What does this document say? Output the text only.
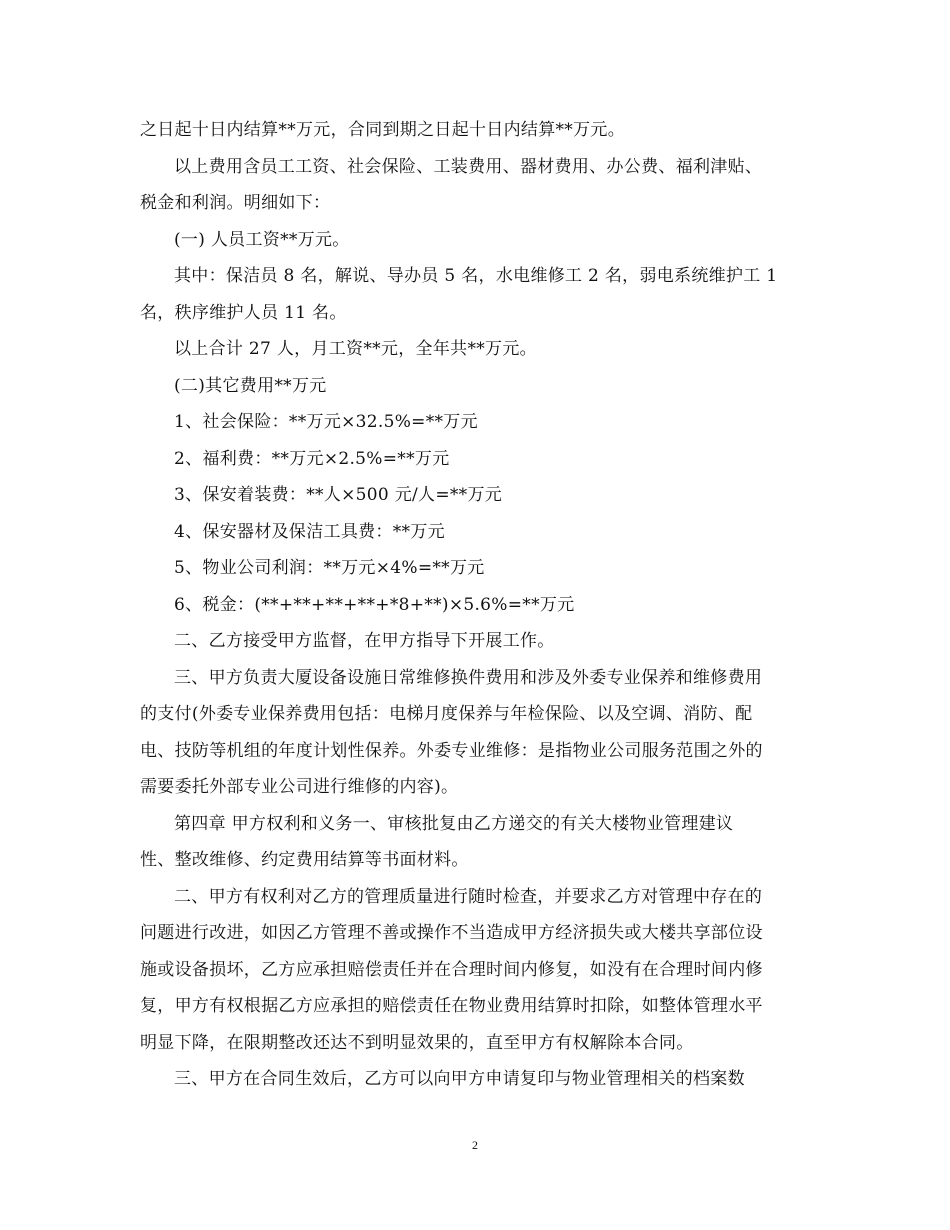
之日起十日内结算**万元，合同到期之日起十日内结算**万元。
以上费用含员工工资、社会保险、工装费用、器材费用、办公费、福利津贴、
税金和利润。明细如下：
(一) 人员工资**万元。
其中：保洁员 8 名，解说、导办员 5 名，水电维修工 2 名，弱电系统维护工 1
名，秩序维护人员 11 名。
以上合计 27 人，月工资**元，全年共**万元。
(二)其它费用**万元
1、社会保险：**万元×32.5%=**万元
2、福利费：**万元×2.5%=**万元
3、保安着装费：**人×500 元/人=**万元
4、保安器材及保洁工具费：**万元
5、物业公司利润：**万元×4%=**万元
6、税金：(**+**+**+**+*8+**)×5.6%=**万元
二、乙方接受甲方监督，在甲方指导下开展工作。
三、甲方负责大厦设备设施日常维修换件费用和涉及外委专业保养和维修费用
的支付(外委专业保养费用包括：电梯月度保养与年检保险、以及空调、消防、配
电、技防等机组的年度计划性保养。外委专业维修：是指物业公司服务范围之外的
需要委托外部专业公司进行维修的内容)。
第四章 甲方权利和义务一、审核批复由乙方递交的有关大楼物业管理建议
性、整改维修、约定费用结算等书面材料。
二、甲方有权利对乙方的管理质量进行随时检查，并要求乙方对管理中存在的
问题进行改进，如因乙方管理不善或操作不当造成甲方经济损失或大楼共享部位设
施或设备损坏，乙方应承担赔偿责任并在合理时间内修复，如没有在合理时间内修
复，甲方有权根据乙方应承担的赔偿责任在物业费用结算时扣除，如整体管理水平
明显下降，在限期整改还达不到明显效果的，直至甲方有权解除本合同。
三、甲方在合同生效后，乙方可以向甲方申请复印与物业管理相关的档案数
2
